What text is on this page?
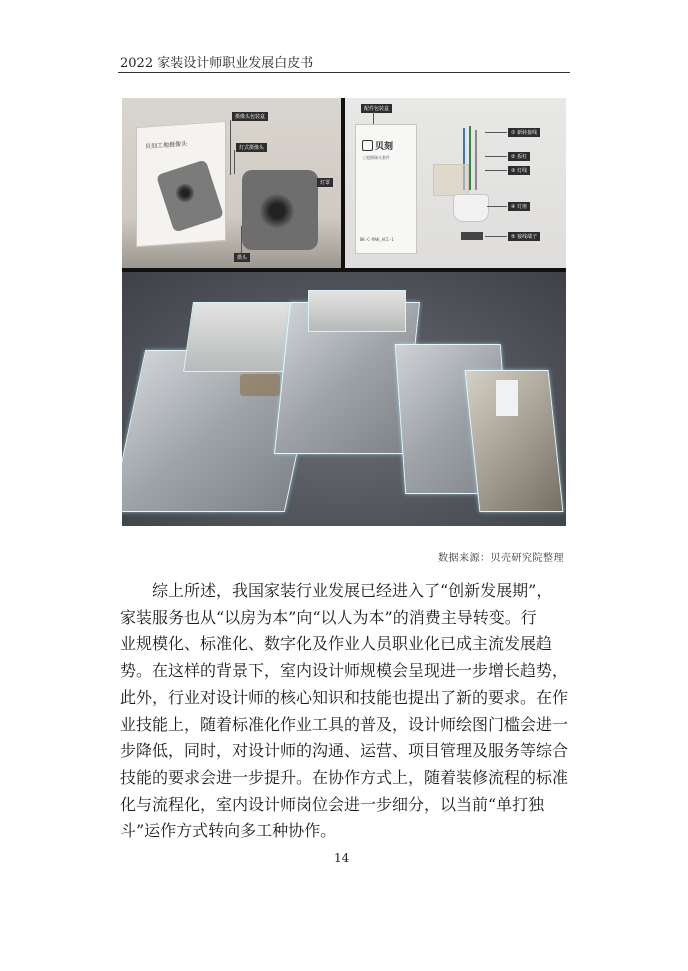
2022 家装设计师职业发展白皮书
贝刻工地摄像头
摄像头包装盒
灯式摄像头
灯罩
摄头
配件包装盒
贝刻
工地摄像头套件
BK-C-MAK_ACC-1
① 新转接线
② 扳杠
③ 灯线
④ 灯座
⑤ 接线端子
数据来源：贝壳研究院整理

　　综上所述，我国家装行业发展已经进入了“创新发展期”，

家装服务也从“以房为本”向“以人为本”的消费主导转变。行

业规模化、标准化、数字化及作业人员职业化已成主流发展趋

势。在这样的背景下，室内设计师规模会呈现进一步增长趋势，

此外，行业对设计师的核心知识和技能也提出了新的要求。在作

业技能上，随着标准化作业工具的普及，设计师绘图门槛会进一

步降低，同时，对设计师的沟通、运营、项目管理及服务等综合

技能的要求会进一步提升。在协作方式上，随着装修流程的标准

化与流程化，室内设计师岗位会进一步细分，以当前“单打独

斗”运作方式转向多工种协作。

14
